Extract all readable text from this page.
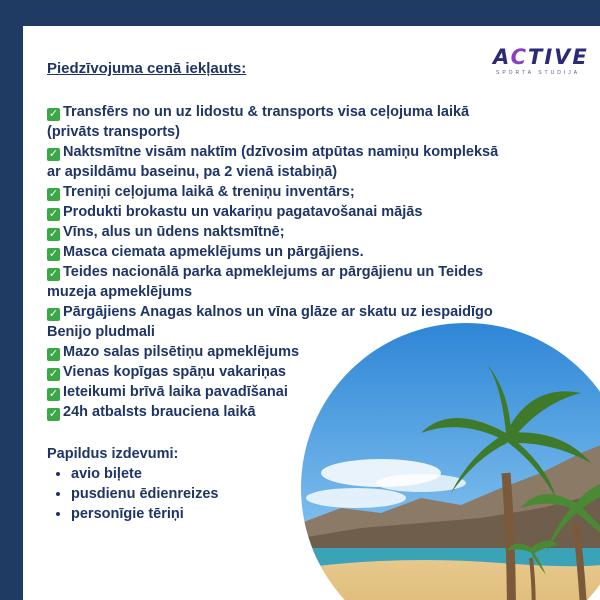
ACTIVE
SPORTA STUDIJA
Piedzīvojuma cenā iekļauts:
✓ Transfērs no un uz lidostu & transports visa ceļojuma laikā (privāts transports)
✓ Naktsmītne visām naktīm (dzīvosim atpūtas namiņu kompleksā ar apsildāmu baseinu, pa 2 vienā istabiņā)
✓ Treniņi ceļojuma laikā & treniņu inventārs;
✓ Produkti brokastu un vakariņu pagatavošanai mājās
✓ Vīns, alus un ūdens naktsmītnē;
✓ Masca ciemata apmeklējums un pārgājiens.
✓ Teides nacionālā parka apmeklejums ar pārgājienu un Teides muzeja apmeklējums
✓ Pārgājiens Anagas kalnos un vīna glāze ar skatu uz iespaidīgo Benijo pludmali
✓ Mazo salas pilsētiņu apmeklējums
✓ Vienas kopīgas spāņu vakariņas
✓ Ieteikumi brīvā laika pavadīšanai
✓ 24h atbalsts brauciena laikā
Papildus izdevumi:
• avio biļete
• pusdienu ēdienreizes
• personīgie tēriņi
